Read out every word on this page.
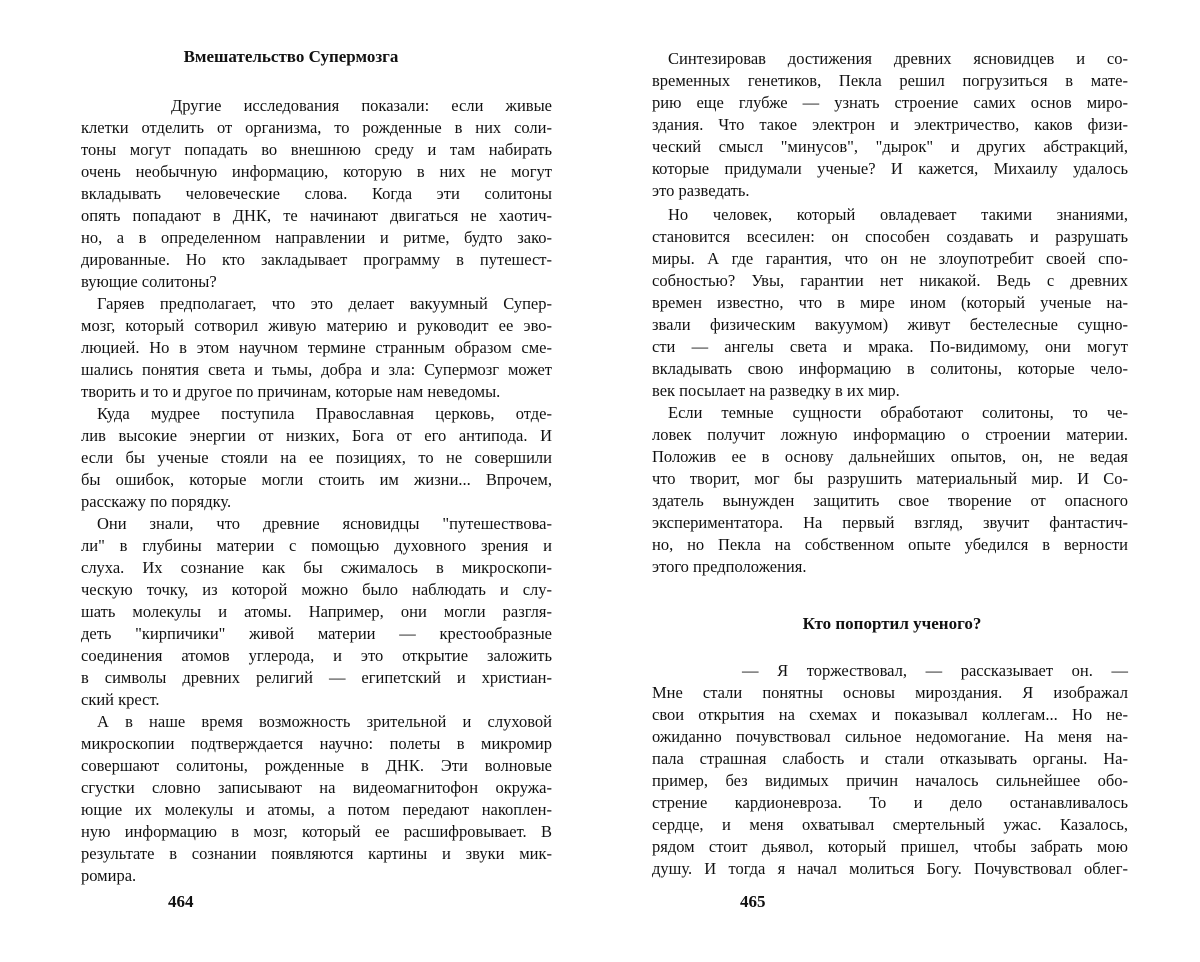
Вмешательство Супермозга
Другие исследования показали: если живые
клетки отделить от организма, то рожденные в них соли-
тоны могут попадать во внешнюю среду и там набирать
очень необычную информацию, которую в них не могут
вкладывать человеческие слова. Когда эти солитоны
опять попадают в ДНК, те начинают двигаться не хаотич-
но, а в определенном направлении и ритме, будто зако-
дированные. Но кто закладывает программу в путешест-
вующие солитоны?
Гаряев предполагает, что это делает вакуумный Супер-
мозг, который сотворил живую материю и руководит ее эво-
люцией. Но в этом научном термине странным образом сме-
шались понятия света и тьмы, добра и зла: Супермозг может
творить и то и другое по причинам, которые нам неведомы.
Куда мудрее поступила Православная церковь, отде-
лив высокие энергии от низких, Бога от его антипода. И
если бы ученые стояли на ее позициях, то не совершили
бы ошибок, которые могли стоить им жизни... Впрочем,
расскажу по порядку.
Они знали, что древние ясновидцы "путешествова-
ли" в глубины материи с помощью духовного зрения и
слуха. Их сознание как бы сжималось в микроскопи-
ческую точку, из которой можно было наблюдать и слу-
шать молекулы и атомы. Например, они могли разгля-
деть "кирпичики" живой материи — крестообразные
соединения атомов углерода, и это открытие заложить
в символы древних религий — египетский и христиан-
ский крест.
А в наше время возможность зрительной и слуховой
микроскопии подтверждается научно: полеты в микромир
совершают солитоны, рожденные в ДНК. Эти волновые
сгустки словно записывают на видеомагнитофон окружа-
ющие их молекулы и атомы, а потом передают накоплен-
ную информацию в мозг, который ее расшифровывает. В
результате в сознании появляются картины и звуки мик-
ромира.
464
Синтезировав достижения древних ясновидцев и со-
временных генетиков, Пекла решил погрузиться в мате-
рию еще глубже — узнать строение самих основ миро-
здания. Что такое электрон и электричество, каков физи-
ческий смысл "минусов", "дырок" и других абстракций,
которые придумали ученые? И кажется, Михаилу удалось
это разведать.
Но человек, который овладевает такими знаниями,
становится всесилен: он способен создавать и разрушать
миры. А где гарантия, что он не злоупотребит своей спо-
собностью? Увы, гарантии нет никакой. Ведь с древних
времен известно, что в мире ином (который ученые на-
звали физическим вакуумом) живут бестелесные сущно-
сти — ангелы света и мрака. По-видимому, они могут
вкладывать свою информацию в солитоны, которые чело-
век посылает на разведку в их мир.
Если темные сущности обработают солитоны, то че-
ловек получит ложную информацию о строении материи.
Положив ее в основу дальнейших опытов, он, не ведая
что творит, мог бы разрушить материальный мир. И Со-
здатель вынужден защитить свое творение от опасного
экспериментатора. На первый взгляд, звучит фантастич-
но, но Пекла на собственном опыте убедился в верности
этого предположения.
— Я торжествовал, — рассказывает он. —
Мне стали понятны основы мироздания. Я изображал
свои открытия на схемах и показывал коллегам... Но не-
ожиданно почувствовал сильное недомогание. На меня на-
пала страшная слабость и стали отказывать органы. На-
пример, без видимых причин началось сильнейшее обо-
стрение кардионевроза. То и дело останавливалось
сердце, и меня охватывал смертельный ужас. Казалось,
рядом стоит дьявол, который пришел, чтобы забрать мою
душу. И тогда я начал молиться Богу. Почувствовал облег-
Кто попортил ученого?
465
